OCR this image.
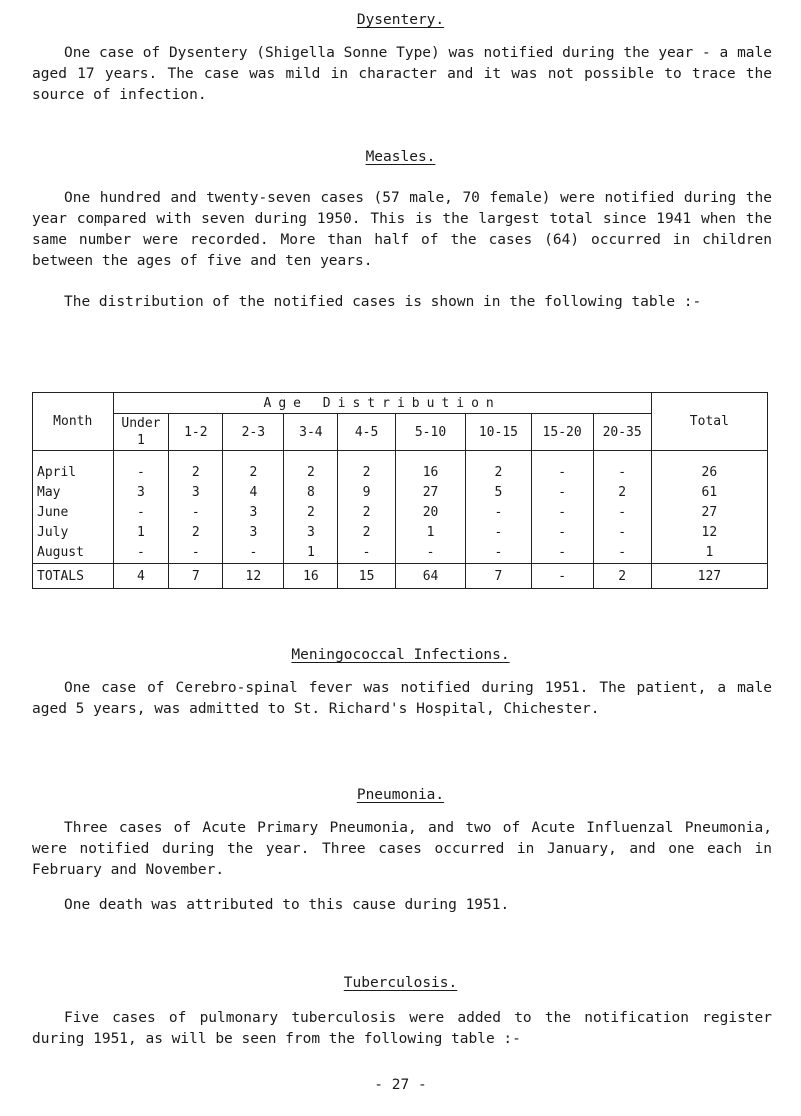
Dysentery.

One case of Dysentery (Shigella Sonne Type) was notified during the year - a male aged 17 years. The case was mild in character and it was not possible to trace the source of infection.

Measles.

One hundred and twenty-seven cases (57 male, 70 female) were notified during the year compared with seven during 1950. This is the largest total since 1941 when the same number were recorded. More than half of the cases (64) occurred in children between the ages of five and ten years.

The distribution of the notified cases is shown in the following table :-

Month	Age Distribution									Total
	Under 1	1-2	2-3	3-4	4-5	5-10	10-15	15-20	20-35	
April	-	2	2	2	2	16	2	-	-	26
May	3	3	4	8	9	27	5	-	2	61
June	-	-	3	2	2	20	-	-	-	27
July	1	2	3	3	2	1	-	-	-	12
August	-	-	-	1	-	-	-	-	-	1
TOTALS	4	7	12	16	15	64	7	-	2	127
Meningococcal Infections.

One case of Cerebro-spinal fever was notified during 1951. The patient, a male aged 5 years, was admitted to St. Richard's Hospital, Chichester.

Pneumonia.

Three cases of Acute Primary Pneumonia, and two of Acute Influenzal Pneumonia, were notified during the year. Three cases occurred in January, and one each in February and November.

One death was attributed to this cause during 1951.

Tuberculosis.

Five cases of pulmonary tuberculosis were added to the notification register during 1951, as will be seen from the following table :-

- 27 -
